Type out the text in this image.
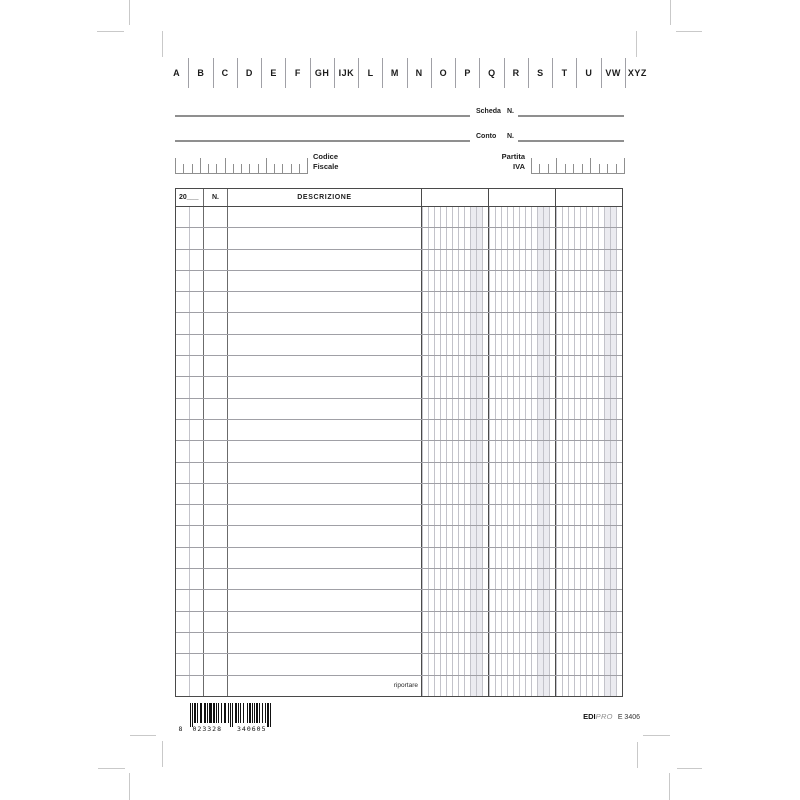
A B C D E F GH IJK L M N O P Q R S T U VW XYZ
Scheda N.
Conto N.
Codice
Fiscale
Partita
IVA
20___	N.	DESCRIZIONE
riportare
8	023328	340605
EDIPRO E 3406
